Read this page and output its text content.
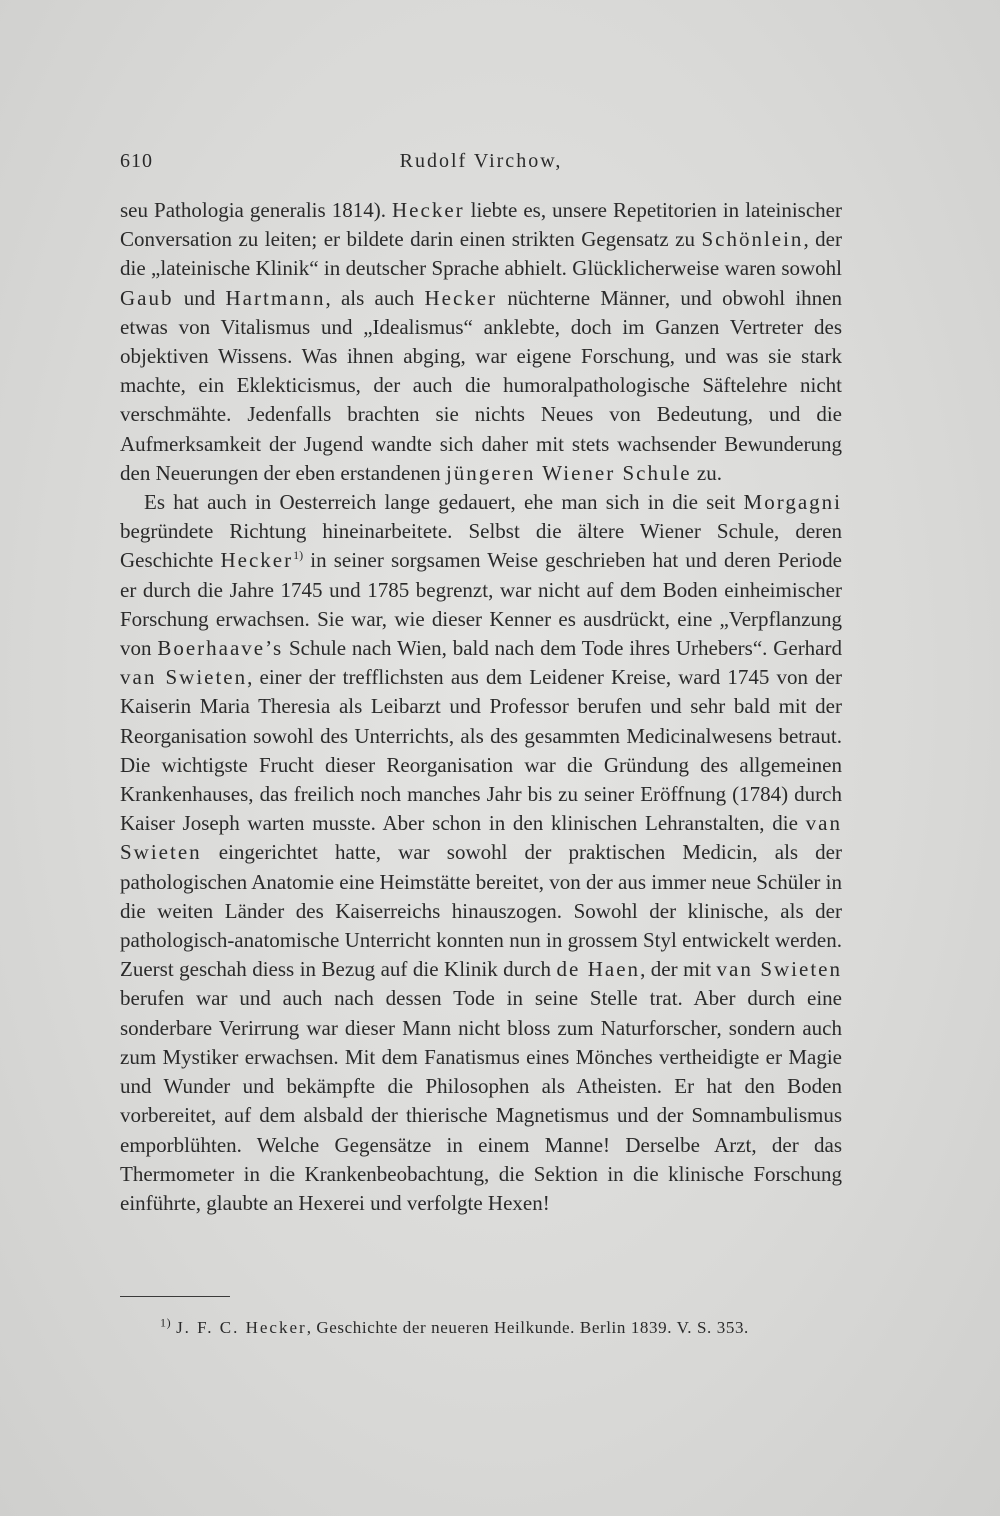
610	Rudolf Virchow,

seu Pathologia generalis 1814). Hecker liebte es, unsere Repetitorien in lateinischer Conversation zu leiten; er bildete darin einen strikten Gegensatz zu Schönlein, der die „lateinische Klinik“ in deutscher Sprache abhielt. Glücklicherweise waren sowohl Gaub und Hartmann, als auch Hecker nüchterne Männer, und obwohl ihnen etwas von Vitalismus und „Idealismus“ anklebte, doch im Ganzen Vertreter des objektiven Wissens. Was ihnen abging, war eigene Forschung, und was sie stark machte, ein Eklekticismus, der auch die humoralpathologische Säftelehre nicht verschmähte. Jedenfalls brachten sie nichts Neues von Bedeutung, und die Aufmerksamkeit der Jugend wandte sich daher mit stets wachsender Bewunderung den Neuerungen der eben erstandenen jüngeren Wiener Schule zu.

Es hat auch in Oesterreich lange gedauert, ehe man sich in die seit Morgagni begründete Richtung hineinarbeitete. Selbst die ältere Wiener Schule, deren Geschichte Hecker$^{1)}$ in seiner sorgsamen Weise geschrieben hat und deren Periode er durch die Jahre 1745 und 1785 begrenzt, war nicht auf dem Boden einheimischer Forschung erwachsen. Sie war, wie dieser Kenner es ausdrückt, eine „Verpflanzung von Boerhaave’s Schule nach Wien, bald nach dem Tode ihres Urhebers“. Gerhard van Swieten, einer der trefflichsten aus dem Leidener Kreise, ward 1745 von der Kaiserin Maria Theresia als Leibarzt und Professor berufen und sehr bald mit der Reorganisation sowohl des Unterrichts, als des gesammten Medicinalwesens betraut. Die wichtigste Frucht dieser Reorganisation war die Gründung des allgemeinen Krankenhauses, das freilich noch manches Jahr bis zu seiner Eröffnung (1784) durch Kaiser Joseph warten musste. Aber schon in den klinischen Lehranstalten, die van Swieten eingerichtet hatte, war sowohl der praktischen Medicin, als der pathologischen Anatomie eine Heimstätte bereitet, von der aus immer neue Schüler in die weiten Länder des Kaiserreichs hinauszogen. Sowohl der klinische, als der pathologisch-anatomische Unterricht konnten nun in grossem Styl entwickelt werden. Zuerst geschah diess in Bezug auf die Klinik durch de Haen, der mit van Swieten berufen war und auch nach dessen Tode in seine Stelle trat. Aber durch eine sonderbare Verirrung war dieser Mann nicht bloss zum Naturforscher, sondern auch zum Mystiker erwachsen. Mit dem Fanatismus eines Mönches vertheidigte er Magie und Wunder und bekämpfte die Philosophen als Atheisten. Er hat den Boden vorbereitet, auf dem alsbald der thierische Magnetismus und der Somnambulismus emporblühten. Welche Gegensätze in einem Manne! Derselbe Arzt, der das Thermometer in die Krankenbeobachtung, die Sektion in die klinische Forschung einführte, glaubte an Hexerei und verfolgte Hexen!

$^{1)}$ J. F. C. Hecker, Geschichte der neueren Heilkunde. Berlin 1839. V. S. 353.
